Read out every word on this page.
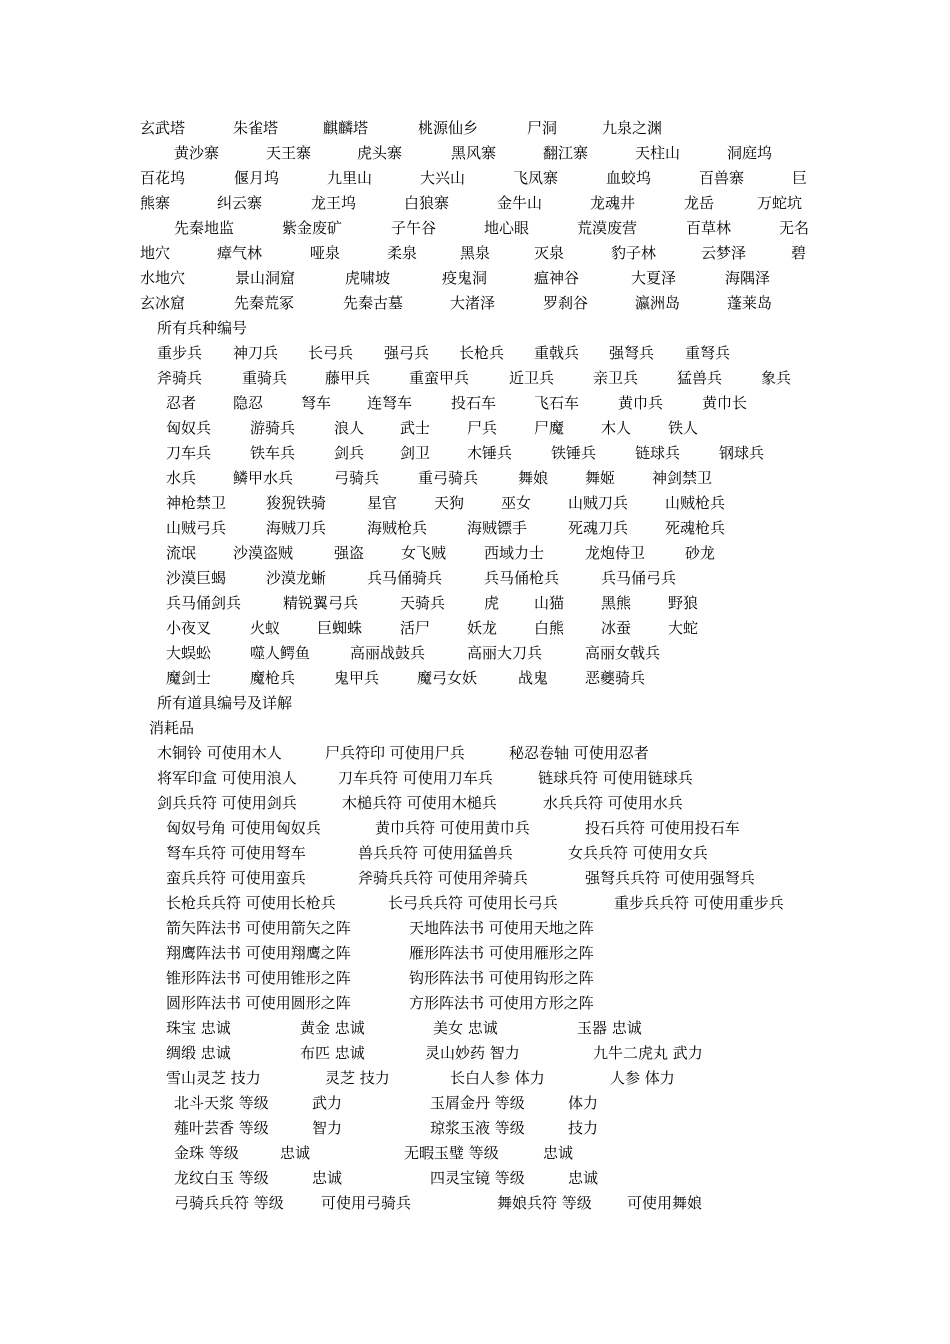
玄武塔	朱雀塔	麒麟塔	桃源仙乡	尸洞	九泉之渊
黄沙寨	天王寨	虎头寨	黑风寨	翻江寨	天柱山	洞庭坞
百花坞	偃月坞	九里山	大兴山	飞凤寨	血蛟坞	百兽寨	巨
熊寨	纠云寨	龙王坞	白狼寨	金牛山	龙魂井	龙岳	万蛇坑
先秦地监	紫金废矿	子午谷	地心眼	荒漠废营	百草林	无名
地穴	瘴气林	哑泉	柔泉	黑泉	灭泉	豹子林	云梦泽	碧
水地穴	景山洞窟	虎啸坡	疫鬼洞	瘟神谷	大夏泽	海隅泽
玄冰窟	先秦荒冢	先秦古墓	大渚泽	罗刹谷	瀛洲岛	蓬莱岛
所有兵种编号
重步兵 神刀兵 长弓兵 强弓兵 长枪兵 重戟兵 强弩兵 重弩兵
斧骑兵	重骑兵	藤甲兵	重蛮甲兵	近卫兵	亲卫兵	猛兽兵	象兵
忍者 隐忍	弩车 连弩车	投石车	飞石车	黄巾兵	黄巾长
匈奴兵	游骑兵	浪人 武士 尸兵 尸魔 木人 铁人
刀车兵	铁车兵	剑兵 剑卫 木锤兵	铁锤兵	链球兵	钢球兵
水兵 鳞甲水兵	弓骑兵	重弓骑兵	舞娘 舞姬 神剑禁卫
神枪禁卫	狻猊铁骑	星官 天狗 巫女 山贼刀兵 山贼枪兵
山贼弓兵	海贼刀兵	海贼枪兵	海贼镖手	死魂刀兵 死魂枪兵
流氓 沙漠盗贼	强盗 女飞贼	西域力士	龙炮侍卫	砂龙
沙漠巨蝎	沙漠龙蜥	兵马俑骑兵	兵马俑枪兵	兵马俑弓兵
兵马俑剑兵	精锐翼弓兵	天骑兵	虎 山猫 黑熊 野狼
小夜叉	火蚁 巨蜘蛛	活尸 妖龙 白熊 冰蚕 大蛇
大蜈蚣	噬人鳄鱼	高丽战鼓兵	高丽大刀兵	高丽女戟兵
魔剑士	魔枪兵	鬼甲兵	魔弓女妖	战鬼 恶夔骑兵
所有道具编号及详解
消耗品
木铜铃 可使用木人	尸兵符印 可使用尸兵	秘忍卷轴 可使用忍者
将军印盒 可使用浪人	刀车兵符 可使用刀车兵	链球兵符 可使用链球兵
剑兵兵符 可使用剑兵	木槌兵符 可使用木槌兵	水兵兵符 可使用水兵
匈奴号角 可使用匈奴兵	黄巾兵符 可使用黄巾兵	投石兵符 可使用投石车
弩车兵符 可使用弩车	兽兵兵符 可使用猛兽兵	女兵兵符 可使用女兵
蛮兵兵符 可使用蛮兵	斧骑兵兵符 可使用斧骑兵	强弩兵兵符 可使用强弩兵
长枪兵兵符 可使用长枪兵	长弓兵兵符 可使用长弓兵	重步兵兵符 可使用重步兵
箭矢阵法书 可使用箭矢之阵	天地阵法书 可使用天地之阵
翔鹰阵法书 可使用翔鹰之阵	雁形阵法书 可使用雁形之阵
锥形阵法书 可使用锥形之阵	钩形阵法书 可使用钩形之阵
圆形阵法书 可使用圆形之阵	方形阵法书 可使用方形之阵
珠宝 忠诚	黄金 忠诚	美女 忠诚	玉器 忠诚
绸缎 忠诚	布匹 忠诚	灵山妙药 智力	九牛二虎丸 武力
雪山灵芝 技力	灵芝 技力	长白人参 体力	人参 体力
北斗天浆 等级	武力	玉屑金丹 等级	体力
薤叶芸香 等级	智力	琼浆玉液 等级	技力
金珠 等级	忠诚	无暇玉璧 等级	忠诚
龙纹白玉 等级	忠诚	四灵宝镜 等级	忠诚
弓骑兵兵符 等级 可使用弓骑兵	舞娘兵符 等级 可使用舞娘
